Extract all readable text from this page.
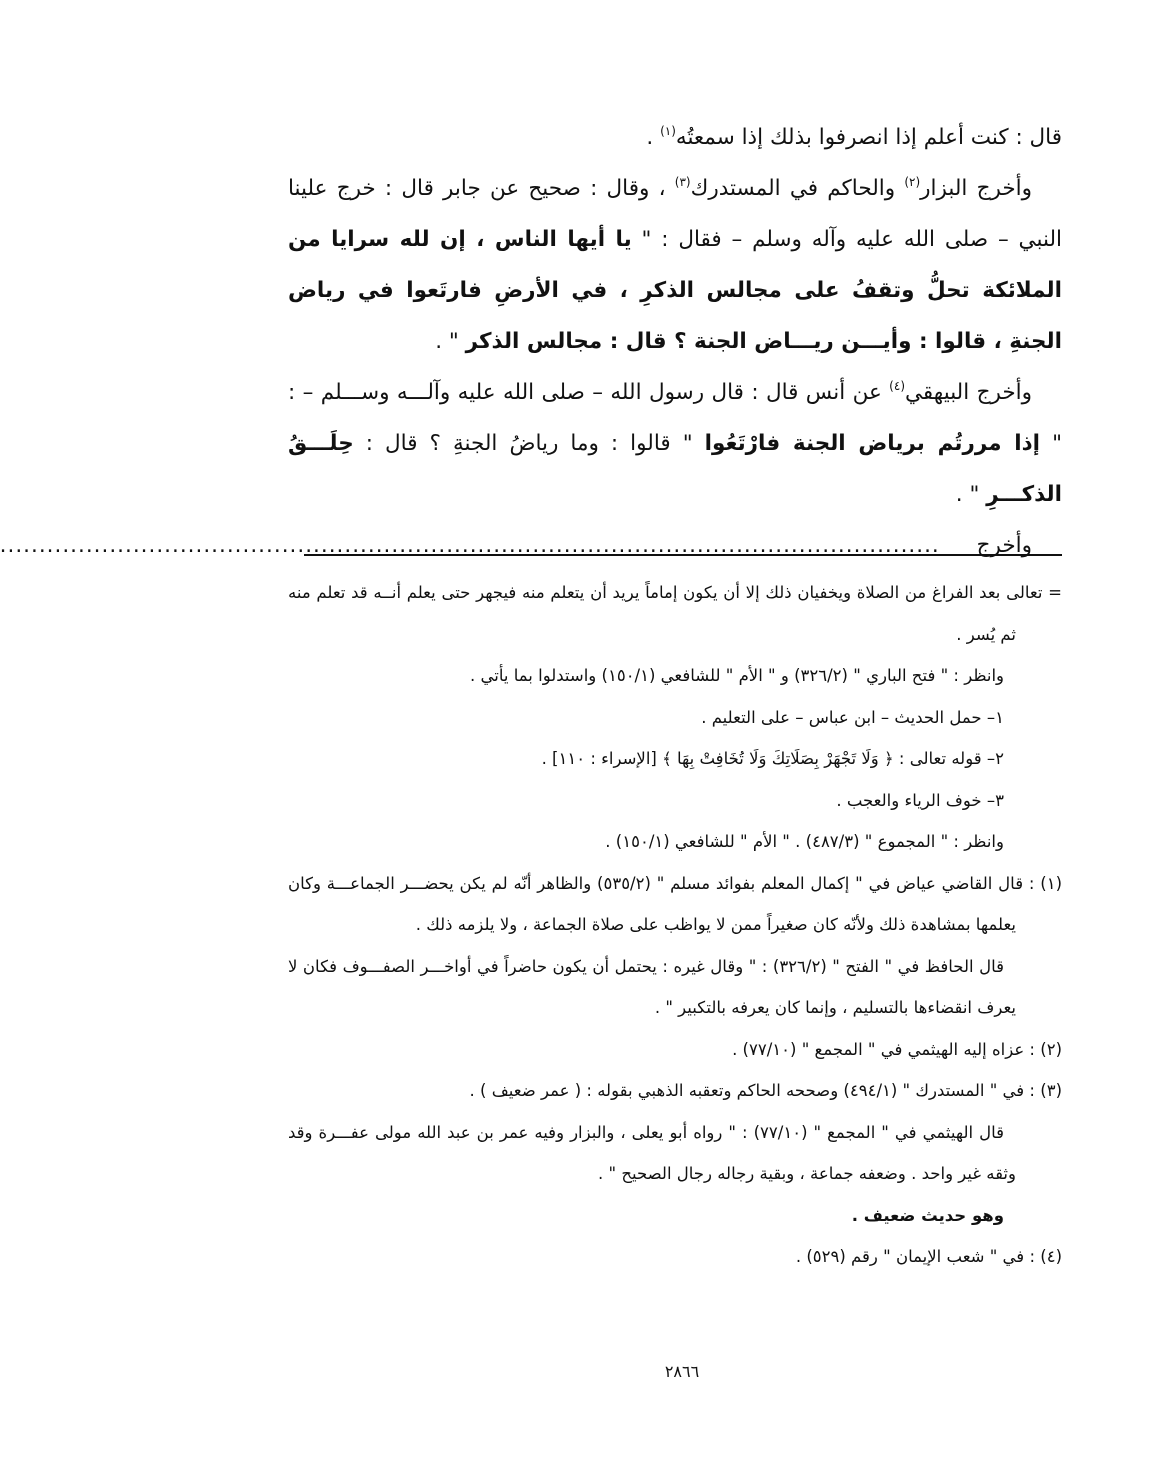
قال : كنت أعلم إذا انصرفوا بذلك إذا سمعتُه$^{(١)}$ .

وأخرج البزار$^{(٢)}$ والحاكم في المستدرك$^{(٣)}$ ، وقال : صحيح عن جابر قال : خرج علينا النبي – صلى الله عليه وآله وسلم – فقال : " يا أيها الناس ، إن لله سرايا من الملائكة تحلُّ وتقفُ على مجالس الذكرِ ، في الأرضِ فارتَعوا في رياض الجنةِ ، قالوا : وأيـــن ريـــاض الجنة ؟ قال : مجالس الذكر " .

وأخرج البيهقي$^{(٤)}$ عن أنس قال : قال رسول الله – صلى الله عليه وآلـــه وســـلم – : " إذا مررتُم برياض الجنة فارْتَعُوا " قالوا : وما رياضُ الجنةِ ؟ قال : حِلَـــقُ الذكـــرِ " .

وأخرج ........................................................................................................................

= تعالى بعد الفراغ من الصلاة ويخفيان ذلك إلا أن يكون إماماً يريد أن يتعلم منه فيجهر حتى يعلم أنــه قد تعلم منه ثم يُسر .

وانظر : " فتح الباري " (٣٢٦/٢) و " الأم " للشافعي (١٥٠/١) واستدلوا بما يأتي .

١– حمل الحديث – ابن عباس – على التعليم .

٢– قوله تعالى : ﴿ وَلَا تَجْهَرْ بِصَلَاتِكَ وَلَا تُخَافِتْ بِهَا ﴾ [الإسراء : ١١٠] .

٣– خوف الرياء والعجب .

وانظر : " المجموع " (٤٨٧/٣) . " الأم " للشافعي (١٥٠/١) .

(١) : قال القاضي عياض في " إكمال المعلم بفوائد مسلم " (٥٣٥/٢) والظاهر أنّه لم يكن يحضـــر الجماعـــة وكان يعلمها بمشاهدة ذلك ولأنّه كان صغيراً ممن لا يواظب على صلاة الجماعة ، ولا يلزمه ذلك .

قال الحافظ في " الفتح " (٣٢٦/٢) : " وقال غيره : يحتمل أن يكون حاضراً في أواخـــر الصفـــوف فكان لا يعرف انقضاءها بالتسليم ، وإنما كان يعرفه بالتكبير " .

(٢) : عزاه إليه الهيثمي في " المجمع " (٧٧/١٠) .

(٣) : في " المستدرك " (٤٩٤/١) وصححه الحاكم وتعقبه الذهبي بقوله : ( عمر ضعيف ) .

قال الهيثمي في " المجمع " (٧٧/١٠) : " رواه أبو يعلى ، والبزار وفيه عمر بن عبد الله مولى عفـــرة وقد وثقه غير واحد . وضعفه جماعة ، وبقية رجاله رجال الصحيح " .

وهو حديث ضعيف .

(٤) : في " شعب الإيمان " رقم (٥٢٩) .

٢٨٦٦
